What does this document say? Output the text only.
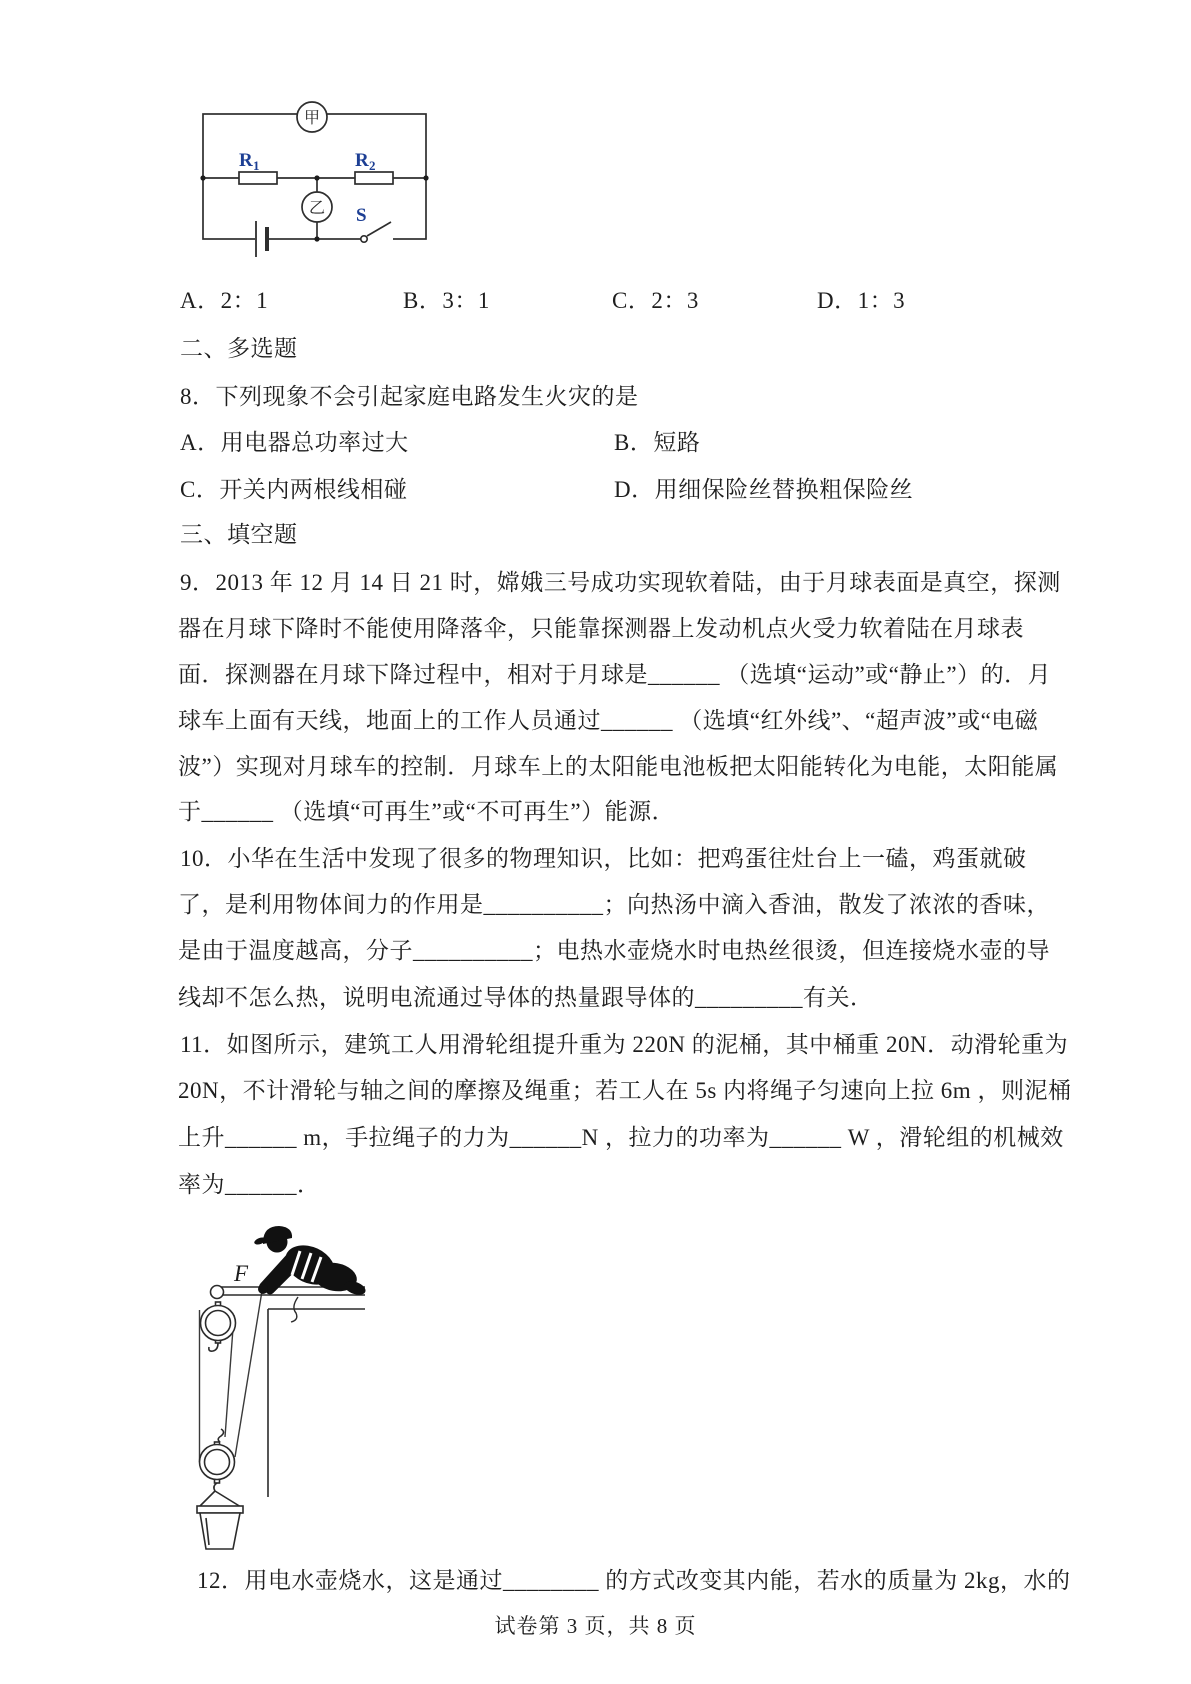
甲
乙
R 1	R 2
S
A．2：1	B．3：1	C．2：3	D．1：3
二、多选题
8．下列现象不会引起家庭电路发生火灾的是
A．用电器总功率过大	B．短路
C．开关内两根线相碰	D．用细保险丝替换粗保险丝
三、填空题
9．2013 年 12 月 14 日 21 时，嫦娥三号成功实现软着陆，由于月球表面是真空，探测
器在月球下降时不能使用降落伞，只能靠探测器上发动机点火受力软着陆在月球表
面．探测器在月球下降过程中，相对于月球是______ （选填“运动”或“静止”）的．月
球车上面有天线，地面上的工作人员通过______ （选填“红外线”、“超声波”或“电磁
波”）实现对月球车的控制．月球车上的太阳能电池板把太阳能转化为电能，太阳能属
于______ （选填“可再生”或“不可再生”）能源．
10．小华在生活中发现了很多的物理知识，比如：把鸡蛋往灶台上一磕，鸡蛋就破
了，是利用物体间力的作用是__________；向热汤中滴入香油，散发了浓浓的香味，
是由于温度越高，分子__________；电热水壶烧水时电热丝很烫，但连接烧水壶的导
线却不怎么热，说明电流通过导体的热量跟导体的_________有关．
11．如图所示，建筑工人用滑轮组提升重为 220N 的泥桶，其中桶重 20N．动滑轮重为
20N，不计滑轮与轴之间的摩擦及绳重；若工人在 5s 内将绳子匀速向上拉 6m ，则泥桶
上升______ m，手拉绳子的力为______N ，拉力的功率为______ W ，滑轮组的机械效
率为______．
F
12．用电水壶烧水，这是通过________ 的方式改变其内能，若水的质量为 2kg，水的
试卷第 3 页，共 8 页
